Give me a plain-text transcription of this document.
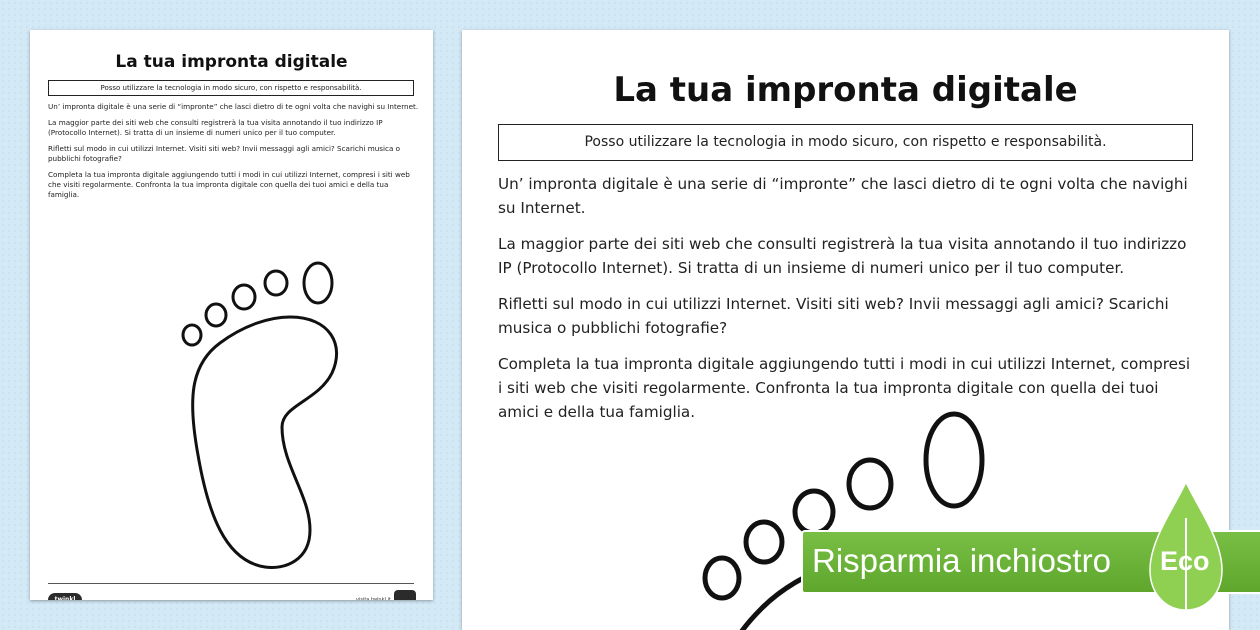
La tua impronta digitale
Posso utilizzare la tecnologia in modo sicuro, con rispetto e responsabilità.

Un’ impronta digitale è una serie di “impronte” che lasci dietro di te ogni volta che navighi su Internet.

La maggior parte dei siti web che consulti registrerà la tua visita annotando il tuo indirizzo IP (Protocollo Internet). Si tratta di un insieme di numeri unico per il tuo computer.

Rifletti sul modo in cui utilizzi Internet. Visiti siti web? Invii messaggi agli amici? Scarichi musica o pubblichi fotografie?

Completa la tua impronta digitale aggiungendo tutti i modi in cui utilizzi Internet, compresi i siti web che visiti regolarmente. Confronta la tua impronta digitale con quella dei tuoi amici e della tua famiglia.

twinkl	visita twinkl.it
La tua impronta digitale
Posso utilizzare la tecnologia in modo sicuro, con rispetto e responsabilità.

Un’ impronta digitale è una serie di “impronte” che lasci dietro di te ogni volta che navighi su Internet.

La maggior parte dei siti web che consulti registrerà la tua visita annotando il tuo indirizzo IP (Protocollo Internet). Si tratta di un insieme di numeri unico per il tuo computer.

Rifletti sul modo in cui utilizzi Internet. Visiti siti web? Invii messaggi agli amici? Scarichi musica o pubblichi fotografie?

Completa la tua impronta digitale aggiungendo tutti i modi in cui utilizzi Internet, compresi i siti web che visiti regolarmente. Confronta la tua impronta digitale con quella dei tuoi amici e della tua famiglia.

Risparmia inchiostro Eco
